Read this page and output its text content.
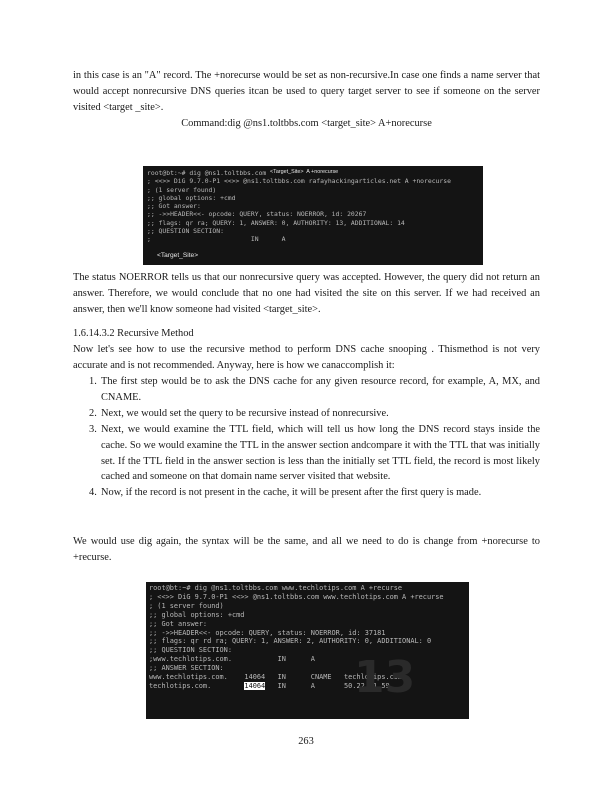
in this case is an "A" record. The +norecurse would be set as non-recursive.In case one finds a name server that would accept nonrecursive DNS queries itcan be used to query target server to see if someone on the server visited <target _site>.

Command:dig @ns1.toltbbs.com <target_site> A+norecurse

root@bt:~# dig @ns1.toltbbs.com
; <<>> DiG 9.7.0-P1 <<>> @ns1.toltbbs.com rafayhackingarticles.net A +norecurse
; (1 server found)
;; global options: +cmd
;; Got answer:
;; ->>HEADER<<- opcode: QUERY, status: NOERROR, id: 20267
;; flags: qr ra; QUERY: 1, ANSWER: 0, AUTHORITY: 13, ADDITIONAL: 14
;; QUESTION SECTION:
;                          IN      A
<Target_Site>  A +norecurse
<Target_Site>

The status NOERROR tells us that our nonrecursive query was accepted. However, the query did not return an answer. Therefore, we would conclude that no one had visited the site on this server. If we had received an answer, then we'll know someone had visited <target_site>.

1.6.14.3.2 Recursive Method

Now let's see how to use the recursive method to perform DNS cache snooping . Thismethod is not very accurate and is not recommended. Anyway, here is how we canaccomplish it:

1. The first step would be to ask the DNS cache for any given resource record, for example, A, MX, and CNAME.
2. Next, we would set the query to be recursive instead of nonrecursive.
3. Next, we would examine the TTL field, which will tell us how long the DNS record stays inside the cache. So we would examine the TTL in the answer section andcompare it with the TTL that was initially set. If the TTL field in the answer section is less than the initially set TTL field, the record is most likely cached and someone on that domain name server visited that website.
4. Now, if the record is not present in the cache, it will be present after the first query is made.

We would use dig again, the syntax will be the same, and all we need to do is change from +norecurse to +recurse.

13
root@bt:~# dig @ns1.toltbbs.com www.techlotips.com A +recurse
; <<>> DiG 9.7.0-P1 <<>> @ns1.toltbbs.com www.techlotips.com A +recurse
; (1 server found)
;; global options: +cmd
;; Got answer:
;; ->>HEADER<<- opcode: QUERY, status: NOERROR, id: 37181
;; flags: qr rd ra; QUERY: 1, ANSWER: 2, AUTHORITY: 0, ADDITIONAL: 0
;; QUESTION SECTION:
;www.techlotips.com.           IN      A
;; ANSWER SECTION:
www.techlotips.com.    14064   IN      CNAME   techlotips.com.
techlotips.com.        14064   IN      A       50.22.81.59
263
